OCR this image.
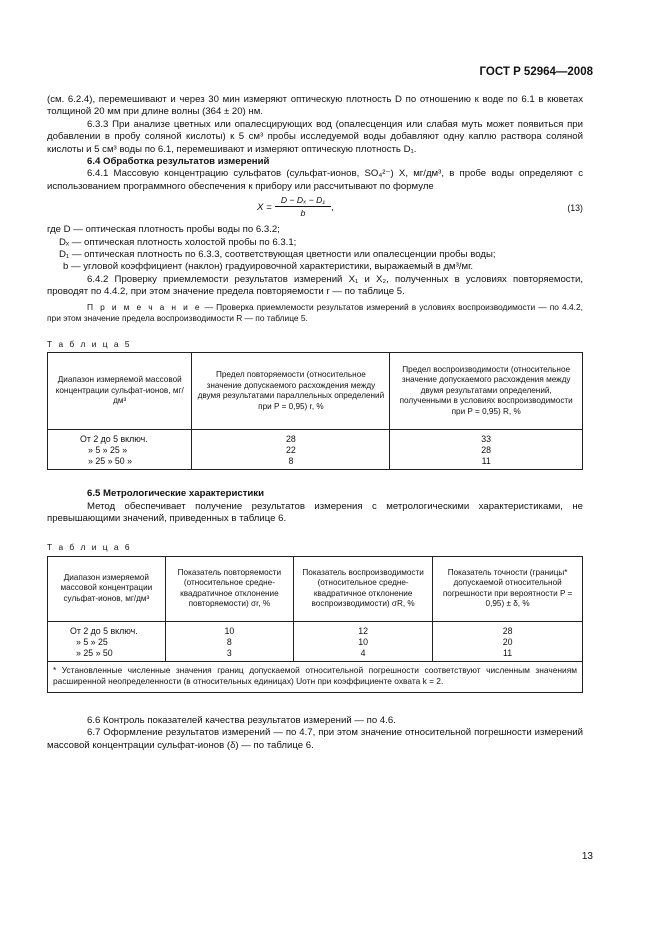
ГОСТ Р 52964—2008

(см. 6.2.4), перемешивают и через 30 мин измеряют оптическую плотность D по отношению к воде по 6.1 в кюветах толщиной 20 мм при длине волны (364 ± 20) нм.

6.3.3 При анализе цветных или опалесцирующих вод (опалесценция или слабая муть может появиться при добавлении в пробу соляной кислоты) к 5 см³ пробы исследуемой воды добавляют одну каплю раствора соляной кислоты и 5 см³ воды по 6.1, перемешивают и измеряют оптическую плотность D₁.

6.4 Обработка результатов измерений

6.4.1 Массовую концентрацию сульфатов (сульфат-ионов, SO₄²⁻) X, мг/дм³, в пробе воды определяют с использованием программного обеспечения к прибору или рассчитывают по формуле

$X = \frac{\text{D − Dₓ − D₁}}{b}$ ,	(13)

где D — оптическая плотность пробы воды по 6.3.2;

Dₓ — оптическая плотность холостой пробы по 6.3.1;

D₁ — оптическая плотность по 6.3.3, соответствующая цветности или опалесценции пробы воды;

b — угловой коэффициент (наклон) градуировочной характеристики, выражаемый в дм³/мг.

6.4.2 Проверку приемлемости результатов измерений X₁ и X₂, полученных в условиях повторяемости, проводят по 4.4.2, при этом значение предела повторяемости r — по таблице 5.

П р и м е ч а н и е — Проверка приемлемости результатов измерений в условиях воспроизводимости — по 4.4.2, при этом значение предела воспроизводимости R — по таблице 5.

Т а б л и ц а 5
Диапазон измеряемой массовой концентрации сульфат-ионов, мг/дм³	Предел повторяемости (относительное значение допускаемого расхождения между двумя результатами параллельных определений при P = 0,95) r, %	Предел воспроизводимости (относительное значение допускаемого расхождения между двумя результатами определений, полученными в условиях воспроизводимости при P = 0,95) R, %
От 2 до 5 включ.	28	33
» 5 » 25 »	22	28
» 25 » 50 »	8	11

6.5 Метрологические характеристики

Метод обеспечивает получение результатов измерения с метрологическими характеристиками, не превышающими значений, приведенных в таблице 6.

Т а б л и ц а 6
Диапазон измеряемой массовой концентрации сульфат-ионов, мг/дм³	Показатель повторяемости (относительное средне-квадратичное отклонение повторяемости) σr, %	Показатель воспроизводимости (относительное средне-квадратичное отклонение воспроизводимости) σR, %	Показатель точности (границы* допускаемой относительной погрешности при вероятности P = 0,95) ± δ, %
От 2 до 5 включ.	10	12	28
» 5 » 25	8	10	20
» 25 » 50	3	4	11
* Установленные численные значения границ допускаемой относительной погрешности соответствуют численным значениям расширенной неопределенности (в относительных единицах) Uотн при коэффициенте охвата k = 2.			

6.6 Контроль показателей качества результатов измерений — по 4.6.

6.7 Оформление результатов измерений — по 4.7, при этом значение относительной погрешности измерений массовой концентрации сульфат-ионов (δ) — по таблице 6.

13
